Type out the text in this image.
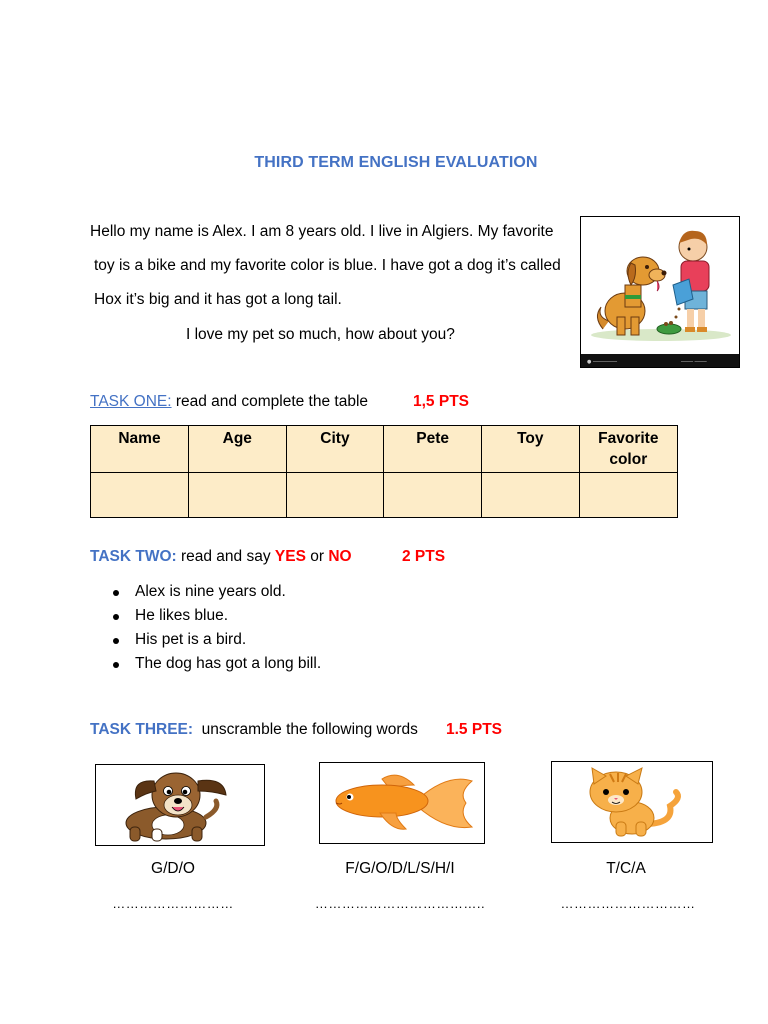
THIRD TERM ENGLISH EVALUATION
Hello my name is Alex. I am 8 years old. I live in Algiers. My favorite
toy is a bike and my favorite color is blue. I have got a dog it’s called
Hox it’s big and it has got a long tail.
I love my pet so much, how about you?
● ────────	──── ────
TASK ONE: read and complete the table	1,5 PTS
Name	Age	City	Pete	Toy	Favorite color

TASK TWO: read and say YES or NO	2 PTS
Alex is nine years old.
He likes blue.
His pet is a bird.
The dog has got a long bill.
TASK THREE:  unscramble the following words 1.5 PTS
G/D/O	F/G/O/D/L/S/H/I	T/C/A
………………………	………………………………..	…………………………
